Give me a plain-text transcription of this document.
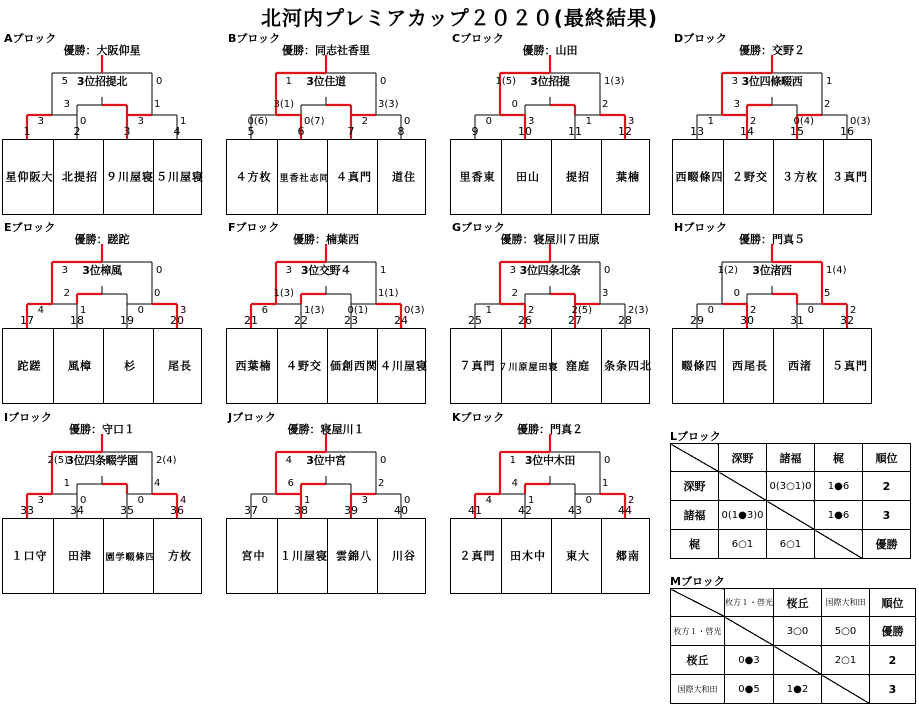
北河内プレミアカップ２０２０(最終結果)
Aブロック
優勝：大阪仰星
3位招提北
1	2	3	4
大
阪
仰
星	招
提
北	寝
屋
川
９	寝
屋
川
５
5	0
3	0	3	1
3	1
Bブロック
優勝：同志社香里
3位住道
5	6	7	8
枚
方
４	同
志
社
香
里	門
真
４	住
道
1	0
0(6)	0(7)	2	0
3(1)	3(3)
Cブロック
優勝：山田
3位招提
9	10	11	12
東
香
里	山
田	招
提	楠
葉
1(5)	1(3)
0	3	1	3
0	2
Dブロック
優勝：交野２
3位四條畷西
13	14	15	16
四
條
畷
西	交
野
２	枚
方
３	門
真
３
3	1
1	2	0(4)	0(3)
3	2
Eブロック
優勝：蹉跎
3位樟風
17	18	19	20
蹉
跎	樟
風	杉	長
尾
3	0
4	1	0	3
2	0
Fブロック
優勝：楠葉西
3位交野４
21	22	23	24
楠
葉
西	交
野
４	関
西
創
価	寝
屋
川
４
3	1
6	1(3) 0(1)	0(3)
1(3)	1(1)
Gブロック
優勝：寝屋川７田原
3位四条北条
25	26	27	28
門
真
７	寝
田
屋
原
川
７	庭
窪	北
四
条
条
3	0
1	2	2(5)	2(3)
2	3
Hブロック
優勝：門真５
3位渚西
29	30	31	32
四
條
畷	長
尾
西	渚
西	門
真
５
1(2)	1(4)
0	2	0	2
0	5
Iブロック
優勝：守口１
3位四条畷学園
33	34	35	36
守
口
１	津
田	四
條
畷
学
園	枚
方
2(5)	2(4)
3	0	0	4
1	4
Jブロック
優勝：寝屋川１
3位中宮
37	38	39	40
中
宮	寝
屋
川
１	八
錦
雲	谷
川
4	0
0	1	3	0
6	2
Kブロック
優勝：門真２
3位中木田
41	42	43	44
門
真
２	中
木
田	大
東	南
郷
1	0
4	1	0	2
4	1
Lブロック
	深野	諸福	梶	順位
深野		0(3○1)0	1●6	2
諸福	0(1●3)0		1●6	3
梶	6○1	6○1		優勝
Mブロック
	枚方１・啓光	桜丘	国際大和田	順位
枚方１・啓光		3○0	5○0	優勝
桜丘	0●3		2○1	2
国際大和田	0●5	1●2		3
